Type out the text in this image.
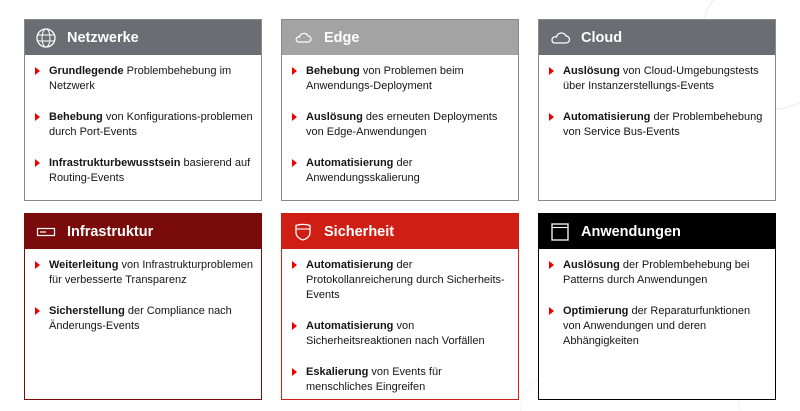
Netzwerke
Grundlegende Problembehebung im Netzwerk
Behebung von Konfigurations-problemen durch Port-Events
Infrastrukturbewusstsein basierend auf Routing-Events
Edge
Behebung von Problemen beim Anwendungs-Deployment
Auslösung des erneuten Deployments von Edge-Anwendungen
Automatisierung der Anwendungsskalierung
Cloud
Auslösung von Cloud-Umgebungstests über Instanzerstellungs-Events
Automatisierung der Problembehebung von Service Bus-Events
Infrastruktur
Weiterleitung von Infrastrukturproblemen für verbesserte Transparenz
Sicherstellung der Compliance nach Änderungs-Events
Sicherheit
Automatisierung der Protokollanreicherung durch Sicherheits-Events
Automatisierung von Sicherheitsreaktionen nach Vorfällen
Eskalierung von Events für menschliches Eingreifen
Anwendungen
Auslösung der Problembehebung bei Patterns durch Anwendungen
Optimierung der Reparaturfunktionen von Anwendungen und deren Abhängigkeiten
